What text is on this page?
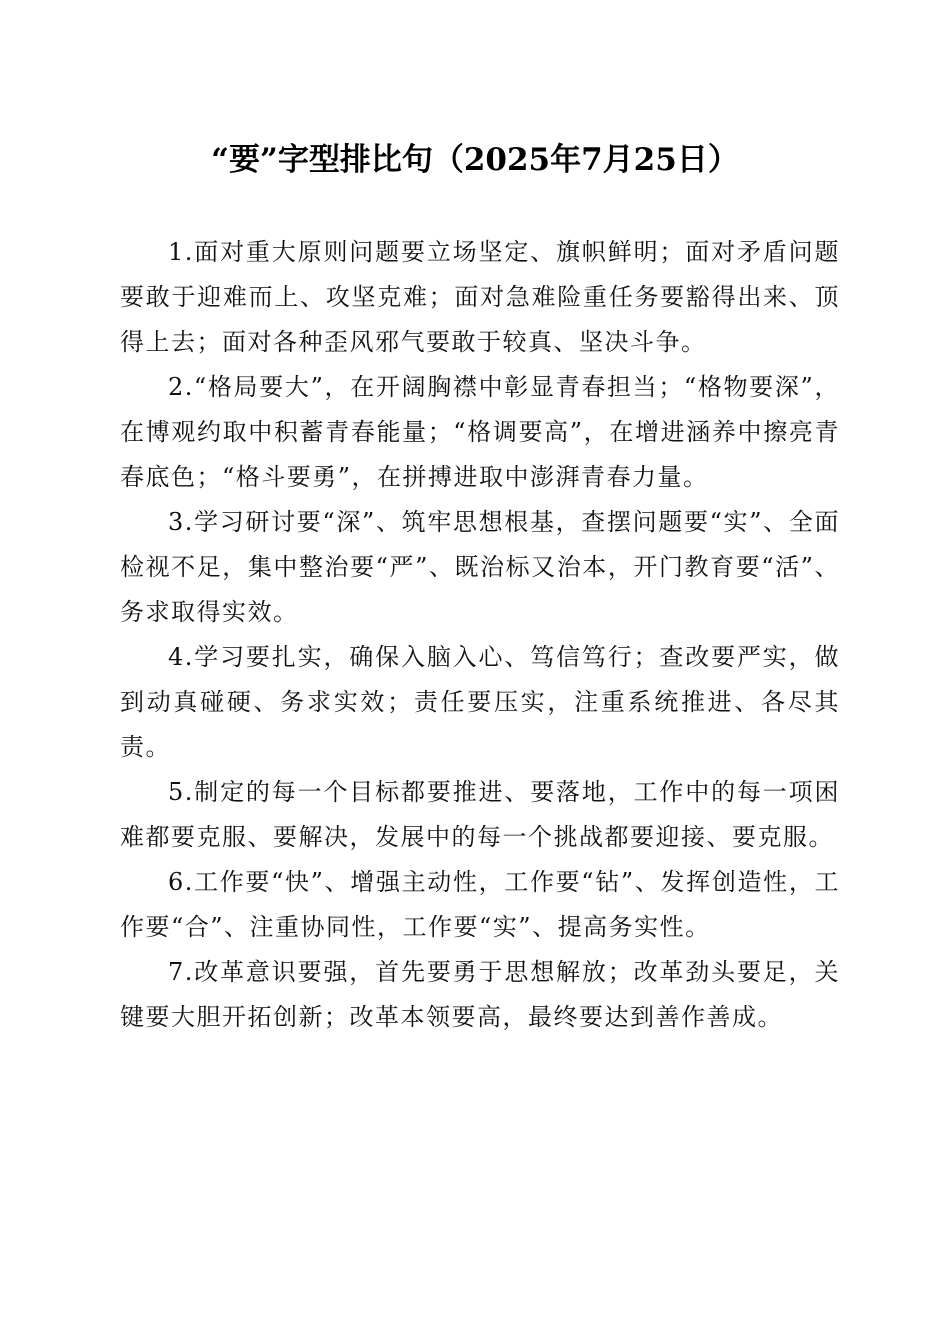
“要”字型排比句（2025年7月25日）

1.面对重大原则问题要立场坚定、旗帜鲜明；面对矛盾问题要敢于迎难而上、攻坚克难；面对急难险重任务要豁得出来、顶得上去；面对各种歪风邪气要敢于较真、坚决斗争。

2.“格局要大”，在开阔胸襟中彰显青春担当；“格物要深”，在博观约取中积蓄青春能量；“格调要高”，在增进涵养中擦亮青春底色；“格斗要勇”，在拼搏进取中澎湃青春力量。

3.学习研讨要“深”、筑牢思想根基，查摆问题要“实”、全面检视不足，集中整治要“严”、既治标又治本，开门教育要“活”、务求取得实效。

4.学习要扎实，确保入脑入心、笃信笃行；查改要严实，做到动真碰硬、务求实效；责任要压实，注重系统推进、各尽其责。

5.制定的每一个目标都要推进、要落地，工作中的每一项困难都要克服、要解决，发展中的每一个挑战都要迎接、要克服。

6.工作要“快”、增强主动性，工作要“钻”、发挥创造性，工作要“合”、注重协同性，工作要“实”、提高务实性。

7.改革意识要强，首先要勇于思想解放；改革劲头要足，关键要大胆开拓创新；改革本领要高，最终要达到善作善成。
